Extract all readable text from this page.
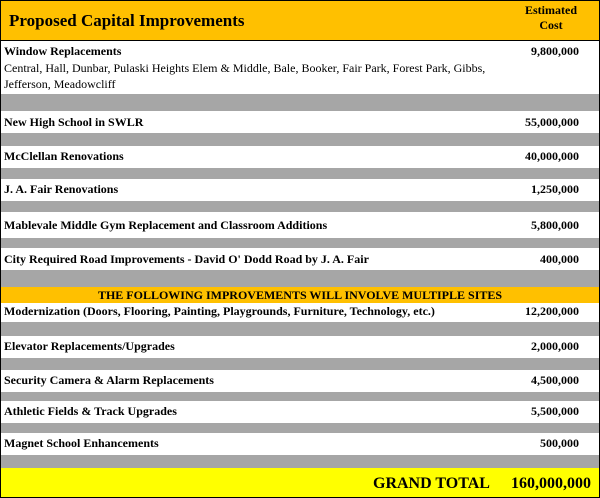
Proposed Capital Improvements
Estimated
Cost
Window Replacements	9,800,000
Central, Hall, Dunbar, Pulaski Heights Elem & Middle, Bale, Booker, Fair Park, Forest Park, Gibbs, Jefferson, Meadowcliff
New High School in SWLR	55,000,000
McClellan Renovations	40,000,000
J. A. Fair Renovations	1,250,000
Mablevale Middle Gym Replacement and Classroom Additions	5,800,000
City Required Road Improvements - David O' Dodd Road by J. A. Fair	400,000
THE FOLLOWING IMPROVEMENTS WILL INVOLVE MULTIPLE SITES
Modernization (Doors, Flooring, Painting, Playgrounds, Furniture, Technology, etc.)	12,200,000
Elevator Replacements/Upgrades	2,000,000
Security Camera & Alarm Replacements	4,500,000
Athletic Fields & Track Upgrades	5,500,000
Magnet School Enhancements	500,000
GRAND TOTAL 160,000,000
